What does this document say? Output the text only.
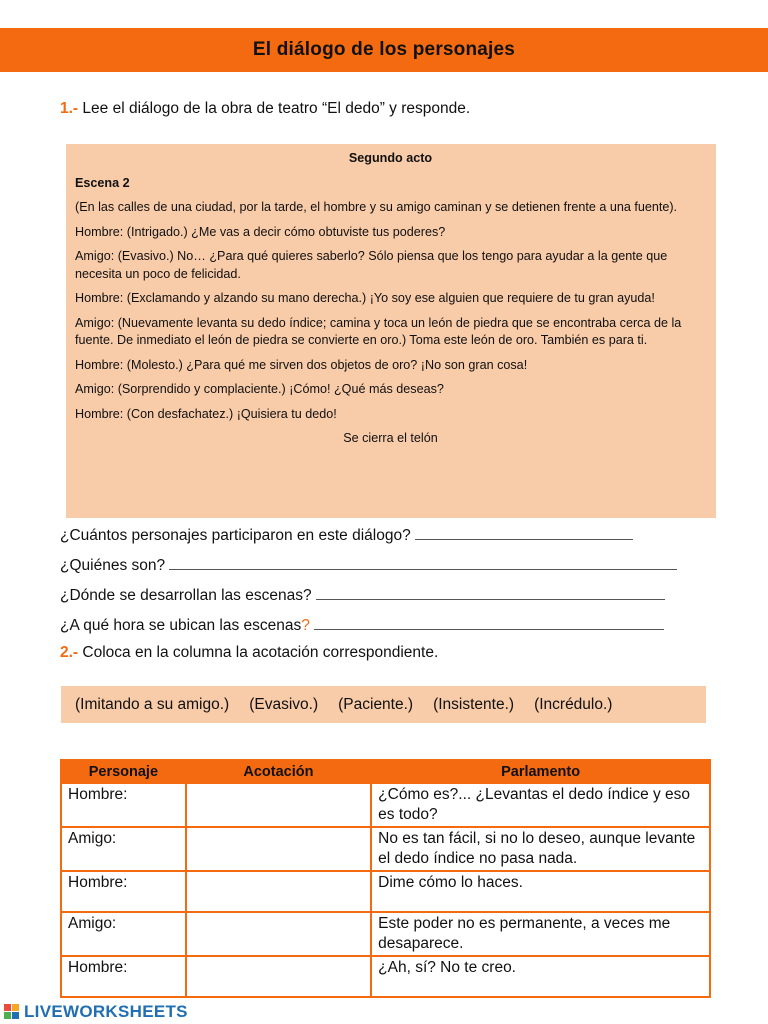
El diálogo de los personajes
1.- Lee el diálogo de la obra de teatro “El dedo” y responde.

Segundo acto

Escena 2

(En las calles de una ciudad, por la tarde, el hombre y su amigo caminan y se detienen frente a una fuente).

Hombre: (Intrigado.) ¿Me vas a decir cómo obtuviste tus poderes?

Amigo: (Evasivo.) No… ¿Para qué quieres saberlo? Sólo piensa que los tengo para ayudar a la gente que necesita un poco de felicidad.

Hombre: (Exclamando y alzando su mano derecha.) ¡Yo soy ese alguien que requiere de tu gran ayuda!

Amigo: (Nuevamente levanta su dedo índice; camina y toca un león de piedra que se encontraba cerca de la fuente. De inmediato el león de piedra se convierte en oro.) Toma este león de oro. También es para ti.

Hombre: (Molesto.) ¿Para qué me sirven dos objetos de oro? ¡No son gran cosa!

Amigo: (Sorprendido y complaciente.) ¡Cómo! ¿Qué más deseas?

Hombre: (Con desfachatez.) ¡Quisiera tu dedo!

Se cierra el telón

¿Cuántos personajes participaron en este diálogo?
¿Quiénes son?
¿Dónde se desarrollan las escenas?
¿A qué hora se ubican las escenas?
2.- Coloca en la columna la acotación correspondiente.
(Imitando a su amigo.) (Evasivo.) (Paciente.) (Insistente.) (Incrédulo.)
Personaje	Acotación	Parlamento
Hombre:		¿Cómo es?... ¿Levantas el dedo índice y eso es todo?
Amigo:		No es tan fácil, si no lo deseo, aunque levante el dedo índice no pasa nada.
Hombre:		Dime cómo lo haces.
Amigo:		Este poder no es permanente, a veces me desaparece.
Hombre:		¿Ah, sí? No te creo.
LIVEWORKSHEETS
